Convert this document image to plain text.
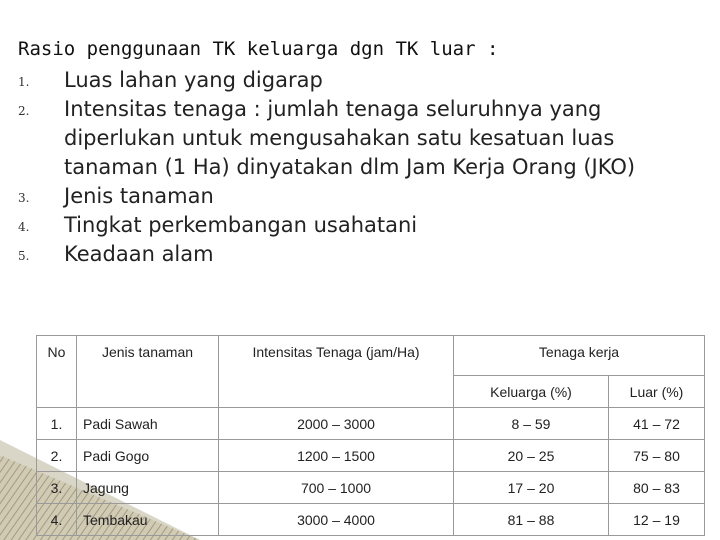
Rasio penggunaan TK keluarga dgn TK luar :
1. Luas lahan yang digarap
2. Intensitas tenaga : jumlah tenaga seluruhnya yang
diperlukan untuk mengusahakan satu kesatuan luas
tanaman (1 Ha) dinyatakan dlm Jam Kerja Orang (JKO)
3. Jenis tanaman
4. Tingkat perkembangan usahatani
5. Keadaan alam
No	Jenis tanaman	Intensitas Tenaga (jam/Ha)	Tenaga kerja	
			Keluarga (%)	Luar (%)
1.	Padi Sawah	2000 – 3000	8 – 59	41 – 72
2.	Padi Gogo	1200 – 1500	20 – 25	75 – 80
3.	Jagung	700 – 1000	17 – 20	80 – 83
4.	Tembakau	3000 – 4000	81 – 88	12 – 19
